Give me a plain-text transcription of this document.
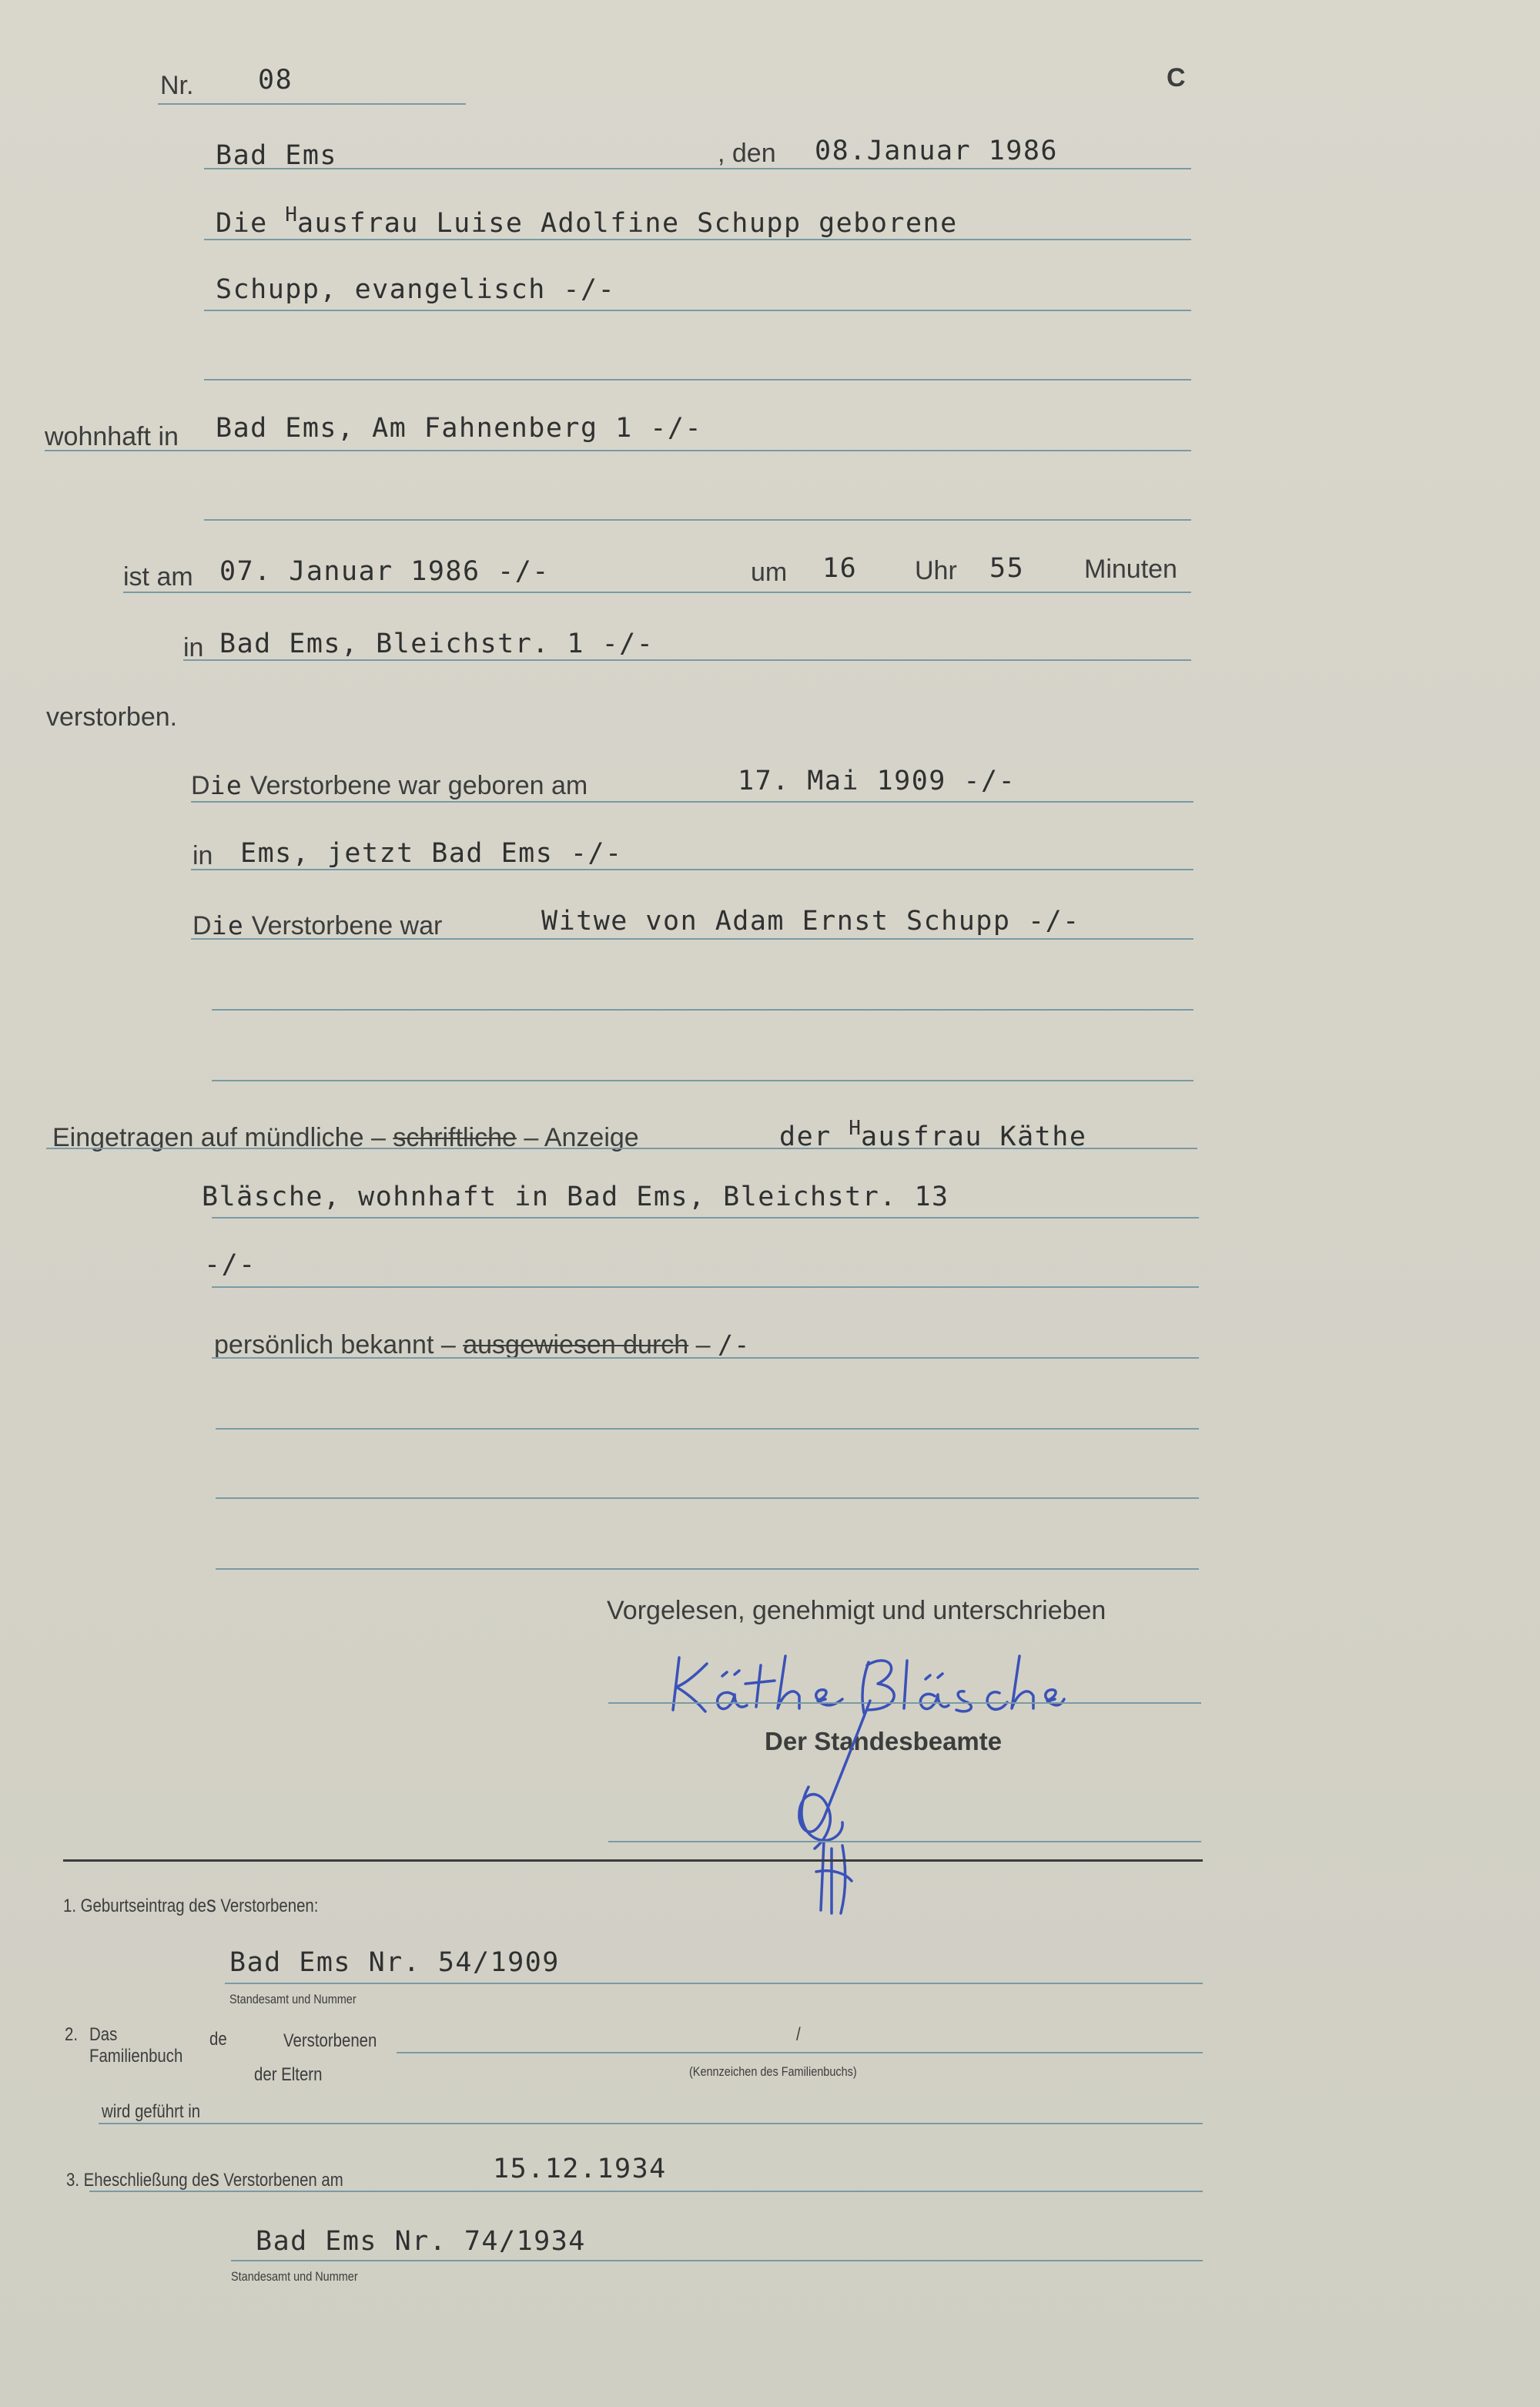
Nr. 08	C
Bad Ems	, den 08.Januar 1986
Die $^H$ausfrau Luise Adolfine Schupp geborene
Schupp, evangelisch -/-
wohnhaft in Bad Ems, Am Fahnenberg 1 -/-
ist am 07. Januar 1986 -/-	um 16 Uhr 55 Minuten
in Bad Ems, Bleichstr. 1 -/-
verstorben.
Die Verstorbene war geboren am	17. Mai 1909 -/-
in Ems, jetzt Bad Ems -/-
Die Verstorbene war	Witwe von Adam Ernst Schupp -/-
Eingetragen auf mündliche – schriftliche – Anzeige	der $^H$ausfrau Käthe
Bläsche, wohnhaft in Bad Ems, Bleichstr. 13
-/-
persönlich bekannt – ausgewiesen durch – /-
Vorgelesen, genehmigt und unterschrieben
Der Standesbeamte
1. Geburtseintrag des Verstorbenen:
Bad Ems Nr. 54/1909
Standesamt und Nummer
2. Das
Familienbuch
de	Verstorbenen	/
der Eltern	(Kennzeichen des Familienbuchs)
wird geführt in
3. Eheschließung des Verstorbenen am	15.12.1934
Bad Ems Nr. 74/1934
Standesamt und Nummer
